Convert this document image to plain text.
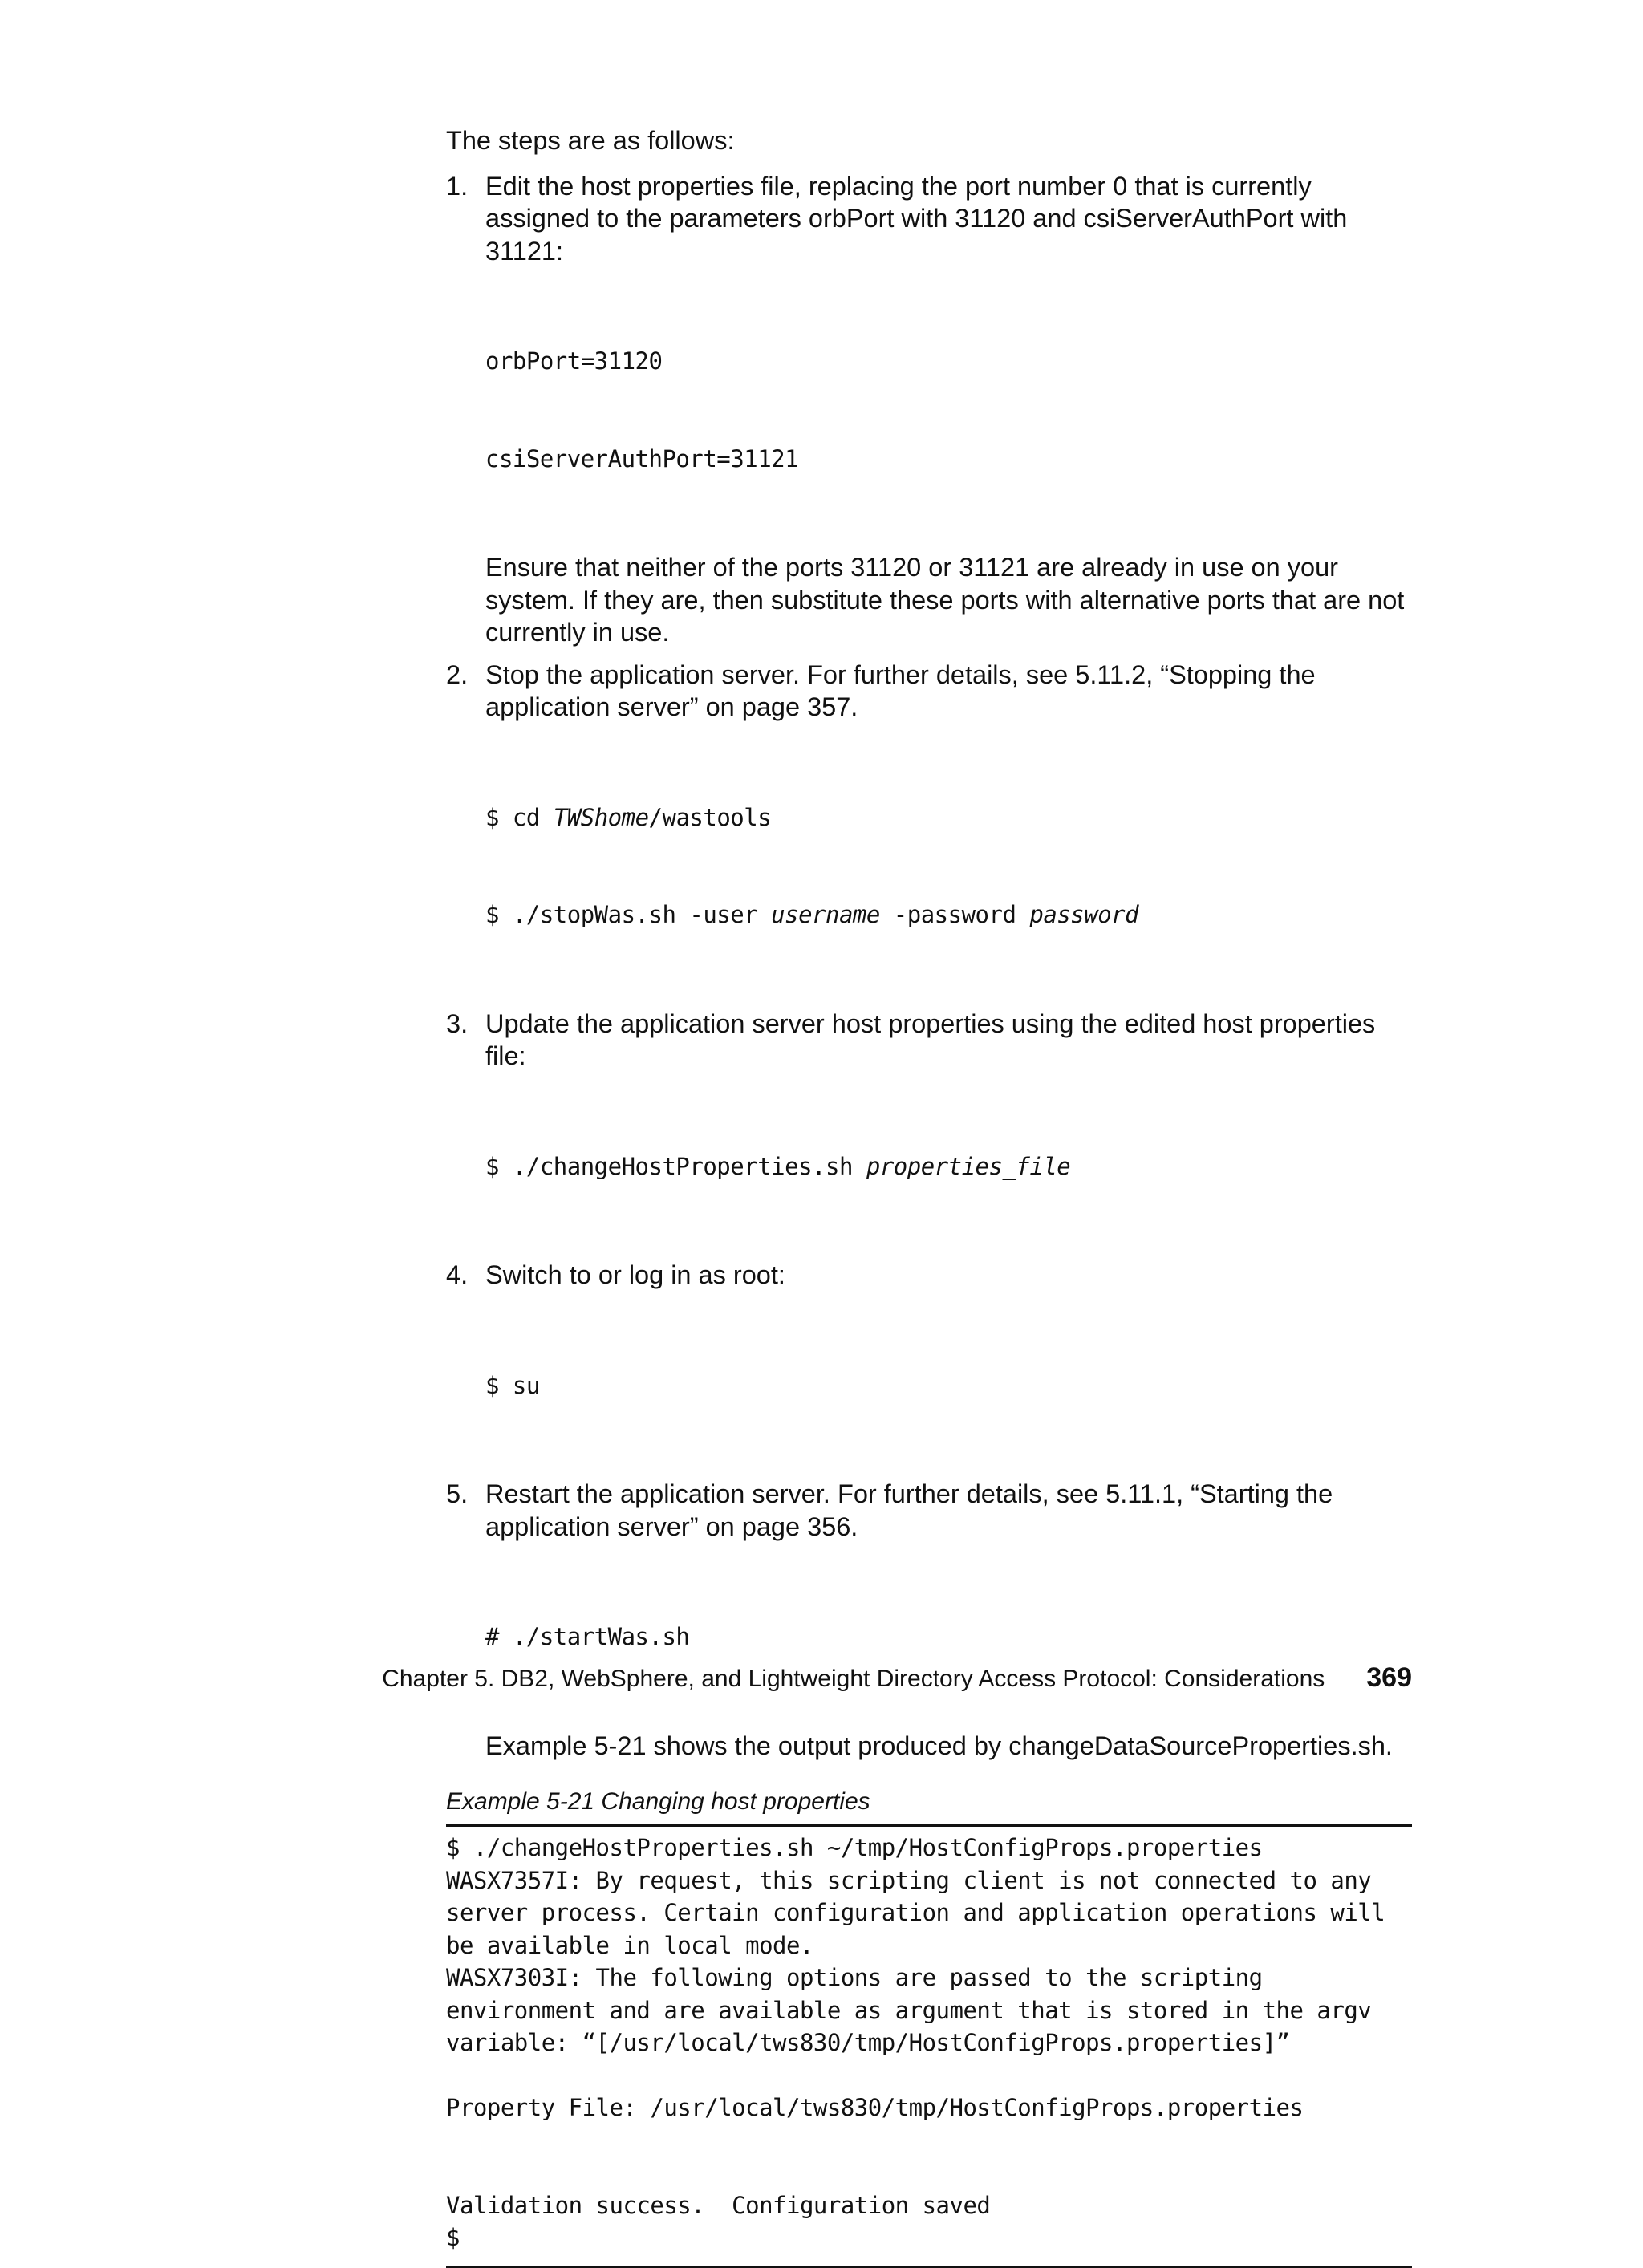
The steps are as follows:

1. Edit the host properties file, replacing the port number 0 that is currently assigned to the parameters orbPort with 31120 and csiServerAuthPort with 31121:

orbPort=31120

csiServerAuthPort=31121

Ensure that neither of the ports 31120 or 31121 are already in use on your system. If they are, then substitute these ports with alternative ports that are not currently in use.

2. Stop the application server. For further details, see 5.11.2, “Stopping the application server” on page 357.

$ cd TWShome/wastools

$ ./stopWas.sh -user username -password password

3. Update the application server host properties using the edited host properties file:

$ ./changeHostProperties.sh properties_file

4. Switch to or log in as root:

$ su

5. Restart the application server. For further details, see 5.11.1, “Starting the application server” on page 356.

# ./startWas.sh

Example 5-21 shows the output produced by changeDataSourceProperties.sh.

Example 5-21 Changing host properties
$ ./changeHostProperties.sh ~/tmp/HostConfigProps.properties
WASX7357I: By request, this scripting client is not connected to any
server process. Certain configuration and application operations will
be available in local mode.
WASX7303I: The following options are passed to the scripting
environment and are available as argument that is stored in the argv
variable: “[/usr/local/tws830/tmp/HostConfigProps.properties]”

Property File: /usr/local/tws830/tmp/HostConfigProps.properties

Validation success.  Configuration saved
$
Chapter 5. DB2, WebSphere, and Lightweight Directory Access Protocol: Considerations 369
